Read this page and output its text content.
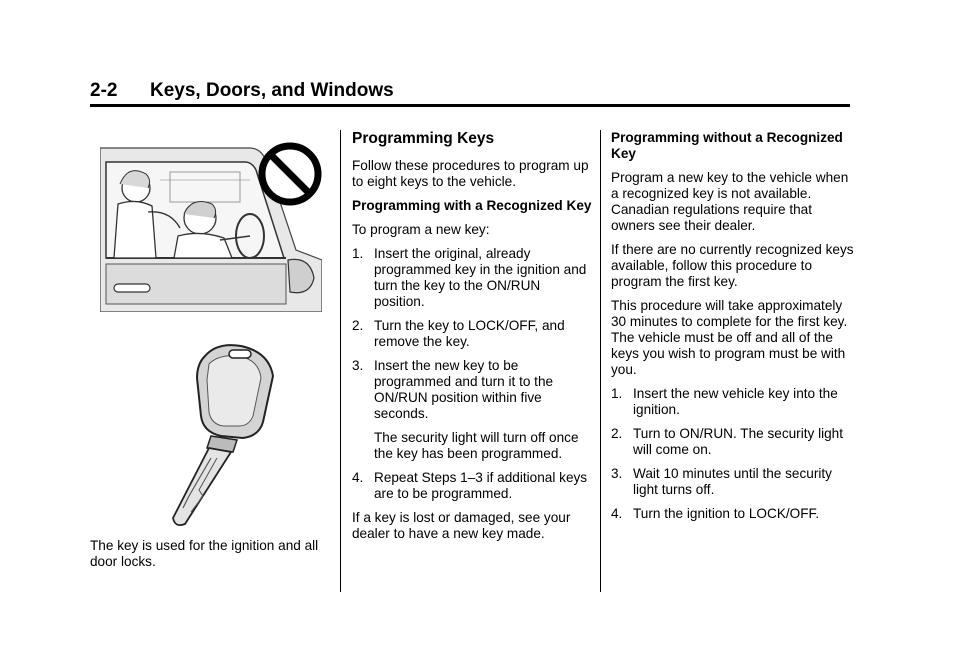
2-2 Keys, Doors, and Windows
The key is used for the ignition and all door locks.
Programming Keys

Follow these procedures to program up to eight keys to the vehicle.

Programming with a Recognized Key

To program a new key:

1. Insert the original, already programmed key in the ignition and turn the key to the ON/RUN position.
2. Turn the key to LOCK/OFF, and remove the key.
3. Insert the new key to be programmed and turn it to the ON/RUN position within five seconds.
The security light will turn off once the key has been programmed.
4. Repeat Steps 1–3 if additional keys are to be programmed.

If a key is lost or damaged, see your dealer to have a new key made.

Programming without a Recognized Key

Program a new key to the vehicle when a recognized key is not available. Canadian regulations require that owners see their dealer.

If there are no currently recognized keys available, follow this procedure to program the first key.

This procedure will take approximately 30 minutes to complete for the first key. The vehicle must be off and all of the keys you wish to program must be with you.

1. Insert the new vehicle key into the ignition.
2. Turn to ON/RUN. The security light will come on.
3. Wait 10 minutes until the security light turns off.
4. Turn the ignition to LOCK/OFF.
